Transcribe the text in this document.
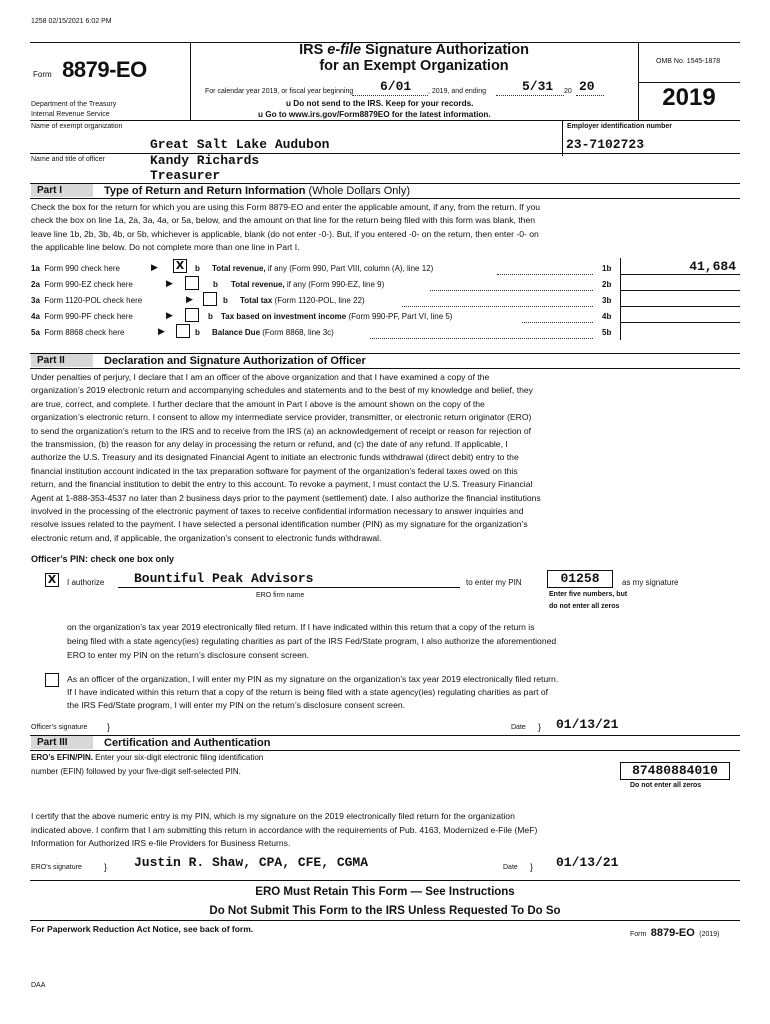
1258 02/15/2021 6:02 PM
Form 8879-EO
Department of the Treasury
Internal Revenue Service
IRS e-file Signature Authorization
for an Exempt Organization
For calendar year 2019, or fiscal year beginning 6/01 , 2019, and ending	5/31 20 20
u Do not send to the IRS. Keep for your records.
u Go to www.irs.gov/Form8879EO for the latest information.
OMB No. 1545-1878
2019
Name of exempt organization	Employer identification number
Great Salt Lake Audubon	23-7102723
Name and title of officer	Kandy Richards
Treasurer
Part I	Type of Return and Return Information (Whole Dollars Only)
Check the box for the return for which you are using this Form 8879-EO and enter the applicable amount, if any, from the return. If you
check the box on line 1a, 2a, 3a, 4a, or 5a, below, and the amount on that line for the return being filed with this form was blank, then
leave line 1b, 2b, 3b, 4b, or 5b, whichever is applicable, blank (do not enter -0-). But, if you entered -0- on the return, then enter -0- on
the applicable line below. Do not complete more than one line in Part I.
1a Form 990 check here	▶ X	b Total revenue, if any (Form 990, Part VIII, column (A), line 12)	1b	41,684
2a Form 990-EZ check here	▶	b Total revenue, if any (Form 990-EZ, line 9)	2b
3a Form 1120-POL check here	▶	b Total tax (Form 1120-POL, line 22)	3b
4a Form 990-PF check here	▶	b Tax based on investment income (Form 990-PF, Part VI, line 5)	4b
5a Form 8868 check here	▶	b Balance Due (Form 8868, line 3c)	5b
Part II	Declaration and Signature Authorization of Officer
Under penalties of perjury, I declare that I am an officer of the above organization and that I have examined a copy of the
organization’s 2019 electronic return and accompanying schedules and statements and to the best of my knowledge and belief, they
are true, correct, and complete. I further declare that the amount in Part I above is the amount shown on the copy of the
organization’s electronic return. I consent to allow my intermediate service provider, transmitter, or electronic return originator (ERO)
to send the organization’s return to the IRS and to receive from the IRS (a) an acknowledgement of receipt or reason for rejection of
the transmission, (b) the reason for any delay in processing the return or refund, and (c) the date of any refund. If applicable, I
authorize the U.S. Treasury and its designated Financial Agent to initiate an electronic funds withdrawal (direct debit) entry to the
financial institution account indicated in the tax preparation software for payment of the organization’s federal taxes owed on this
return, and the financial institution to debit the entry to this account. To revoke a payment, I must contact the U.S. Treasury Financial
Agent at 1-888-353-4537 no later than 2 business days prior to the payment (settlement) date. I also authorize the financial institutions
involved in the processing of the electronic payment of taxes to receive confidential information necessary to answer inquiries and
resolve issues related to the payment. I have selected a personal identification number (PIN) as my signature for the organization’s
electronic return and, if applicable, the organization’s consent to electronic funds withdrawal.
Officer’s PIN: check one box only
X	I authorize Bountiful Peak Advisors
ERO firm name
to enter my PIN	01258	as my signature
Enter five numbers, but
do not enter all zeros
on the organization’s tax year 2019 electronically filed return. If I have indicated within this return that a copy of the return is
being filed with a state agency(ies) regulating charities as part of the IRS Fed/State program, I also authorize the aforementioned
ERO to enter my PIN on the return’s disclosure consent screen.
As an officer of the organization, I will enter my PIN as my signature on the organization’s tax year 2019 electronically filed return.
If I have indicated within this return that a copy of the return is being filed with a state agency(ies) regulating charities as part of
the IRS Fed/State program, I will enter my PIN on the return’s disclosure consent screen.
Officer’s signature }	Date } 01/13/21
Part III	Certification and Authentication
ERO’s EFIN/PIN. Enter your six-digit electronic filing identification
number (EFIN) followed by your five-digit self-selected PIN.	87480884010
Do not enter all zeros
I certify that the above numeric entry is my PIN, which is my signature on the 2019 electronically filed return for the organization
indicated above. I confirm that I am submitting this return in accordance with the requirements of Pub. 4163, Modernized e-File (MeF)
Information for Authorized IRS e-file Providers for Business Returns.
ERO’s signature } Justin R. Shaw, CPA, CFE, CGMA	Date } 01/13/21
ERO Must Retain This Form — See Instructions
Do Not Submit This Form to the IRS Unless Requested To Do So
For Paperwork Reduction Act Notice, see back of form.
Form 8879-EO (2019)
DAA
